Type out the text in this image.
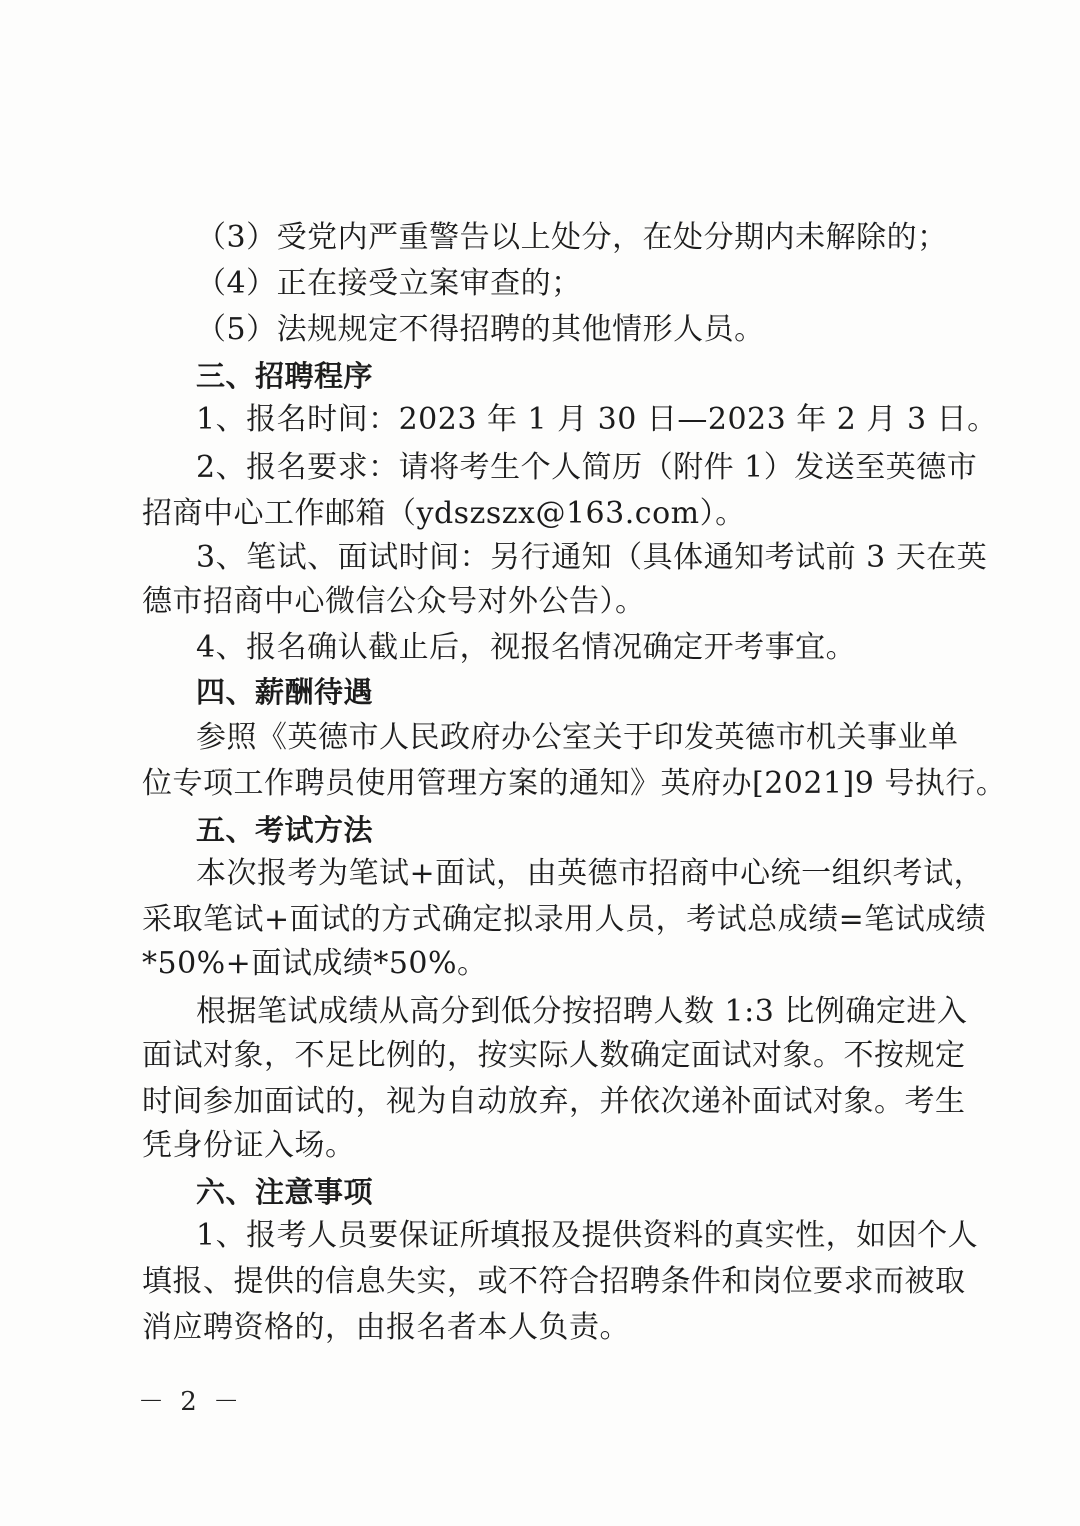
（3）受党内严重警告以上处分，在处分期内未解除的；
（4）正在接受立案审查的；
（5）法规规定不得招聘的其他情形人员。
三、招聘程序
1、报名时间：2023 年 1 月 30 日—2023 年 2 月 3 日。
2、报名要求：请将考生个人简历（附件 1）发送至英德市
招商中心工作邮箱（ydszszx@163.com）。
3、笔试、面试时间：另行通知（具体通知考试前 3 天在英
德市招商中心微信公众号对外公告）。
4、报名确认截止后，视报名情况确定开考事宜。
四、薪酬待遇
参照《英德市人民政府办公室关于印发英德市机关事业单
位专项工作聘员使用管理方案的通知》英府办[2021]9 号执行。
五、考试方法
本次报考为笔试+面试，由英德市招商中心统一组织考试，
采取笔试+面试的方式确定拟录用人员，考试总成绩=笔试成绩
*50%+面试成绩*50%。
根据笔试成绩从高分到低分按招聘人数 1:3 比例确定进入
面试对象，不足比例的，按实际人数确定面试对象。不按规定
时间参加面试的，视为自动放弃，并依次递补面试对象。考生
凭身份证入场。
六、注意事项
1、报考人员要保证所填报及提供资料的真实性，如因个人
填报、提供的信息失实，或不符合招聘条件和岗位要求而被取
消应聘资格的，由报名者本人负责。
－ 2 －
